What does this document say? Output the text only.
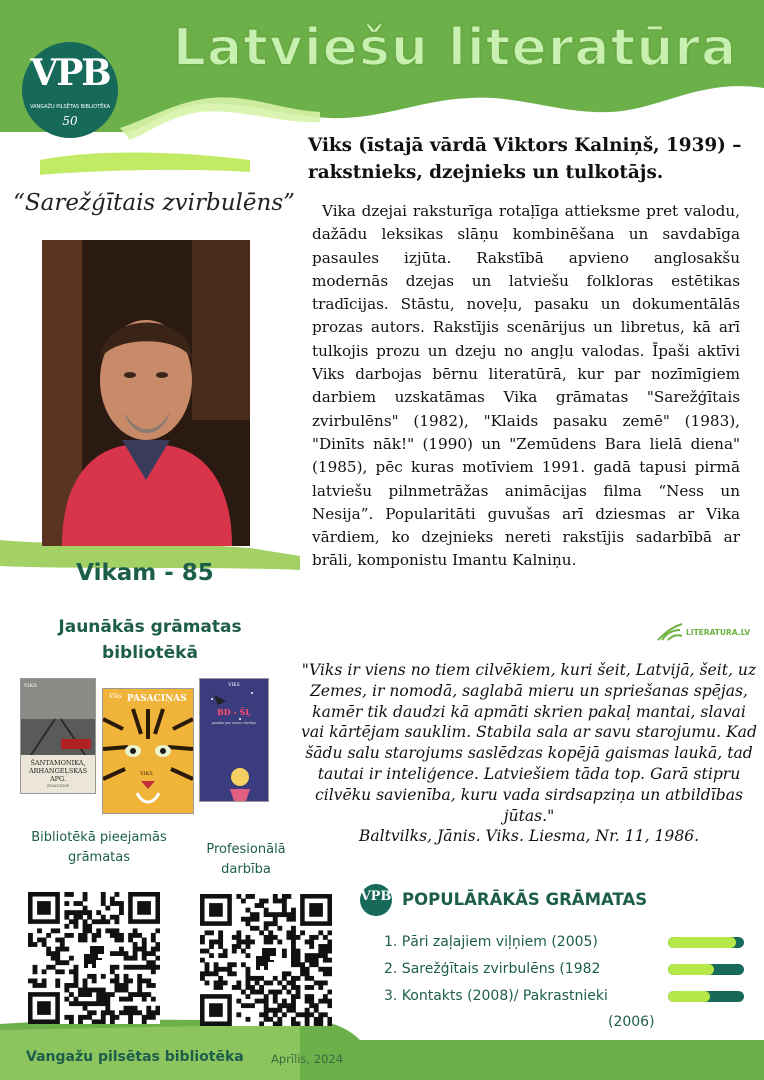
Latviešu literatūra
VPB
VANGAŽU PILSĒTAS BIBLIOTĒKA
50
Viks (īstajā vārdā Viktors Kalniņš, 1939) – rakstnieks, dzejnieks un tulkotājs.
Vika dzejai raksturīga rotaļīga attieksme pret valodu, dažādu leksikas slāņu kombinēšana un savdabīga pasaules izjūta. Rakstībā apvieno anglosakšu modernās dzejas un latviešu folkloras estētikas tradīcijas. Stāstu, noveļu, pasaku un dokumentālās prozas autors. Rakstījis scenārijus un libretus, kā arī tulkojis prozu un dzeju no angļu valodas. Īpaši aktīvi Viks darbojas bērnu literatūrā, kur par nozīmīgiem darbiem uzskatāmas Vika grāmatas "Sarežģītais zvirbulēns" (1982), "Klaids pasaku zemē" (1983), "Dinīts nāk!" (1990) un "Zemūdens Bara lielā diena" (1985), pēc kuras motīviem 1991. gadā tapusi pirmā latviešu pilnmetrāžas animācijas filma “Ness un Nesija”. Popularitāti guvušas arī dziesmas ar Vika vārdiem, ko dzejnieks nereti rakstījis sadarbībā ar brāli, komponistu Imantu Kalniņu.
LITERATURA.LV
“Sarežģītais zvirbulēns”
Vikam - 85
Jaunākās grāmatas bibliotēkā
VIKS
ŠANTAMONIKA, ARHANGEĻSKAS APG.
ZVAIGZNE
Viks PASACIŅAS
VIKS
VIKS
BD - ŠĻ
pasaka par mazu vārdiņu
Bibliotēkā pieejamās grāmatas
Profesionālā darbība
"Viks ir viens no tiem cilvēkiem, kuri šeit, Latvijā, šeit, uz Zemes, ir nomodā, saglabā mieru un spriešanas spējas, kamēr tik daudzi kā apmāti skrien pakaļ mantai, slavai vai kārtējam sauklim. Stabila sala ar savu starojumu. Kad šādu salu starojums saslēdzas kopējā gaismas laukā, tad tautai ir inteliģence. Latviešiem tāda top. Garā stipru cilvēku savienība, kuru vada sirdsapziņa un atbildības jūtas."
Baltvilks, Jānis. Viks. Liesma, Nr. 11, 1986.
VPB POPULĀRĀKĀS GRĀMATAS
1. Pāri zaļajiem viļņiem (2005)
2. Sarežģītais zvirbulēns (1982
3. Kontakts (2008)/ Pakrastnieki
(2006)
Vangažu pilsētas bibliotēka Aprīlis, 2024
